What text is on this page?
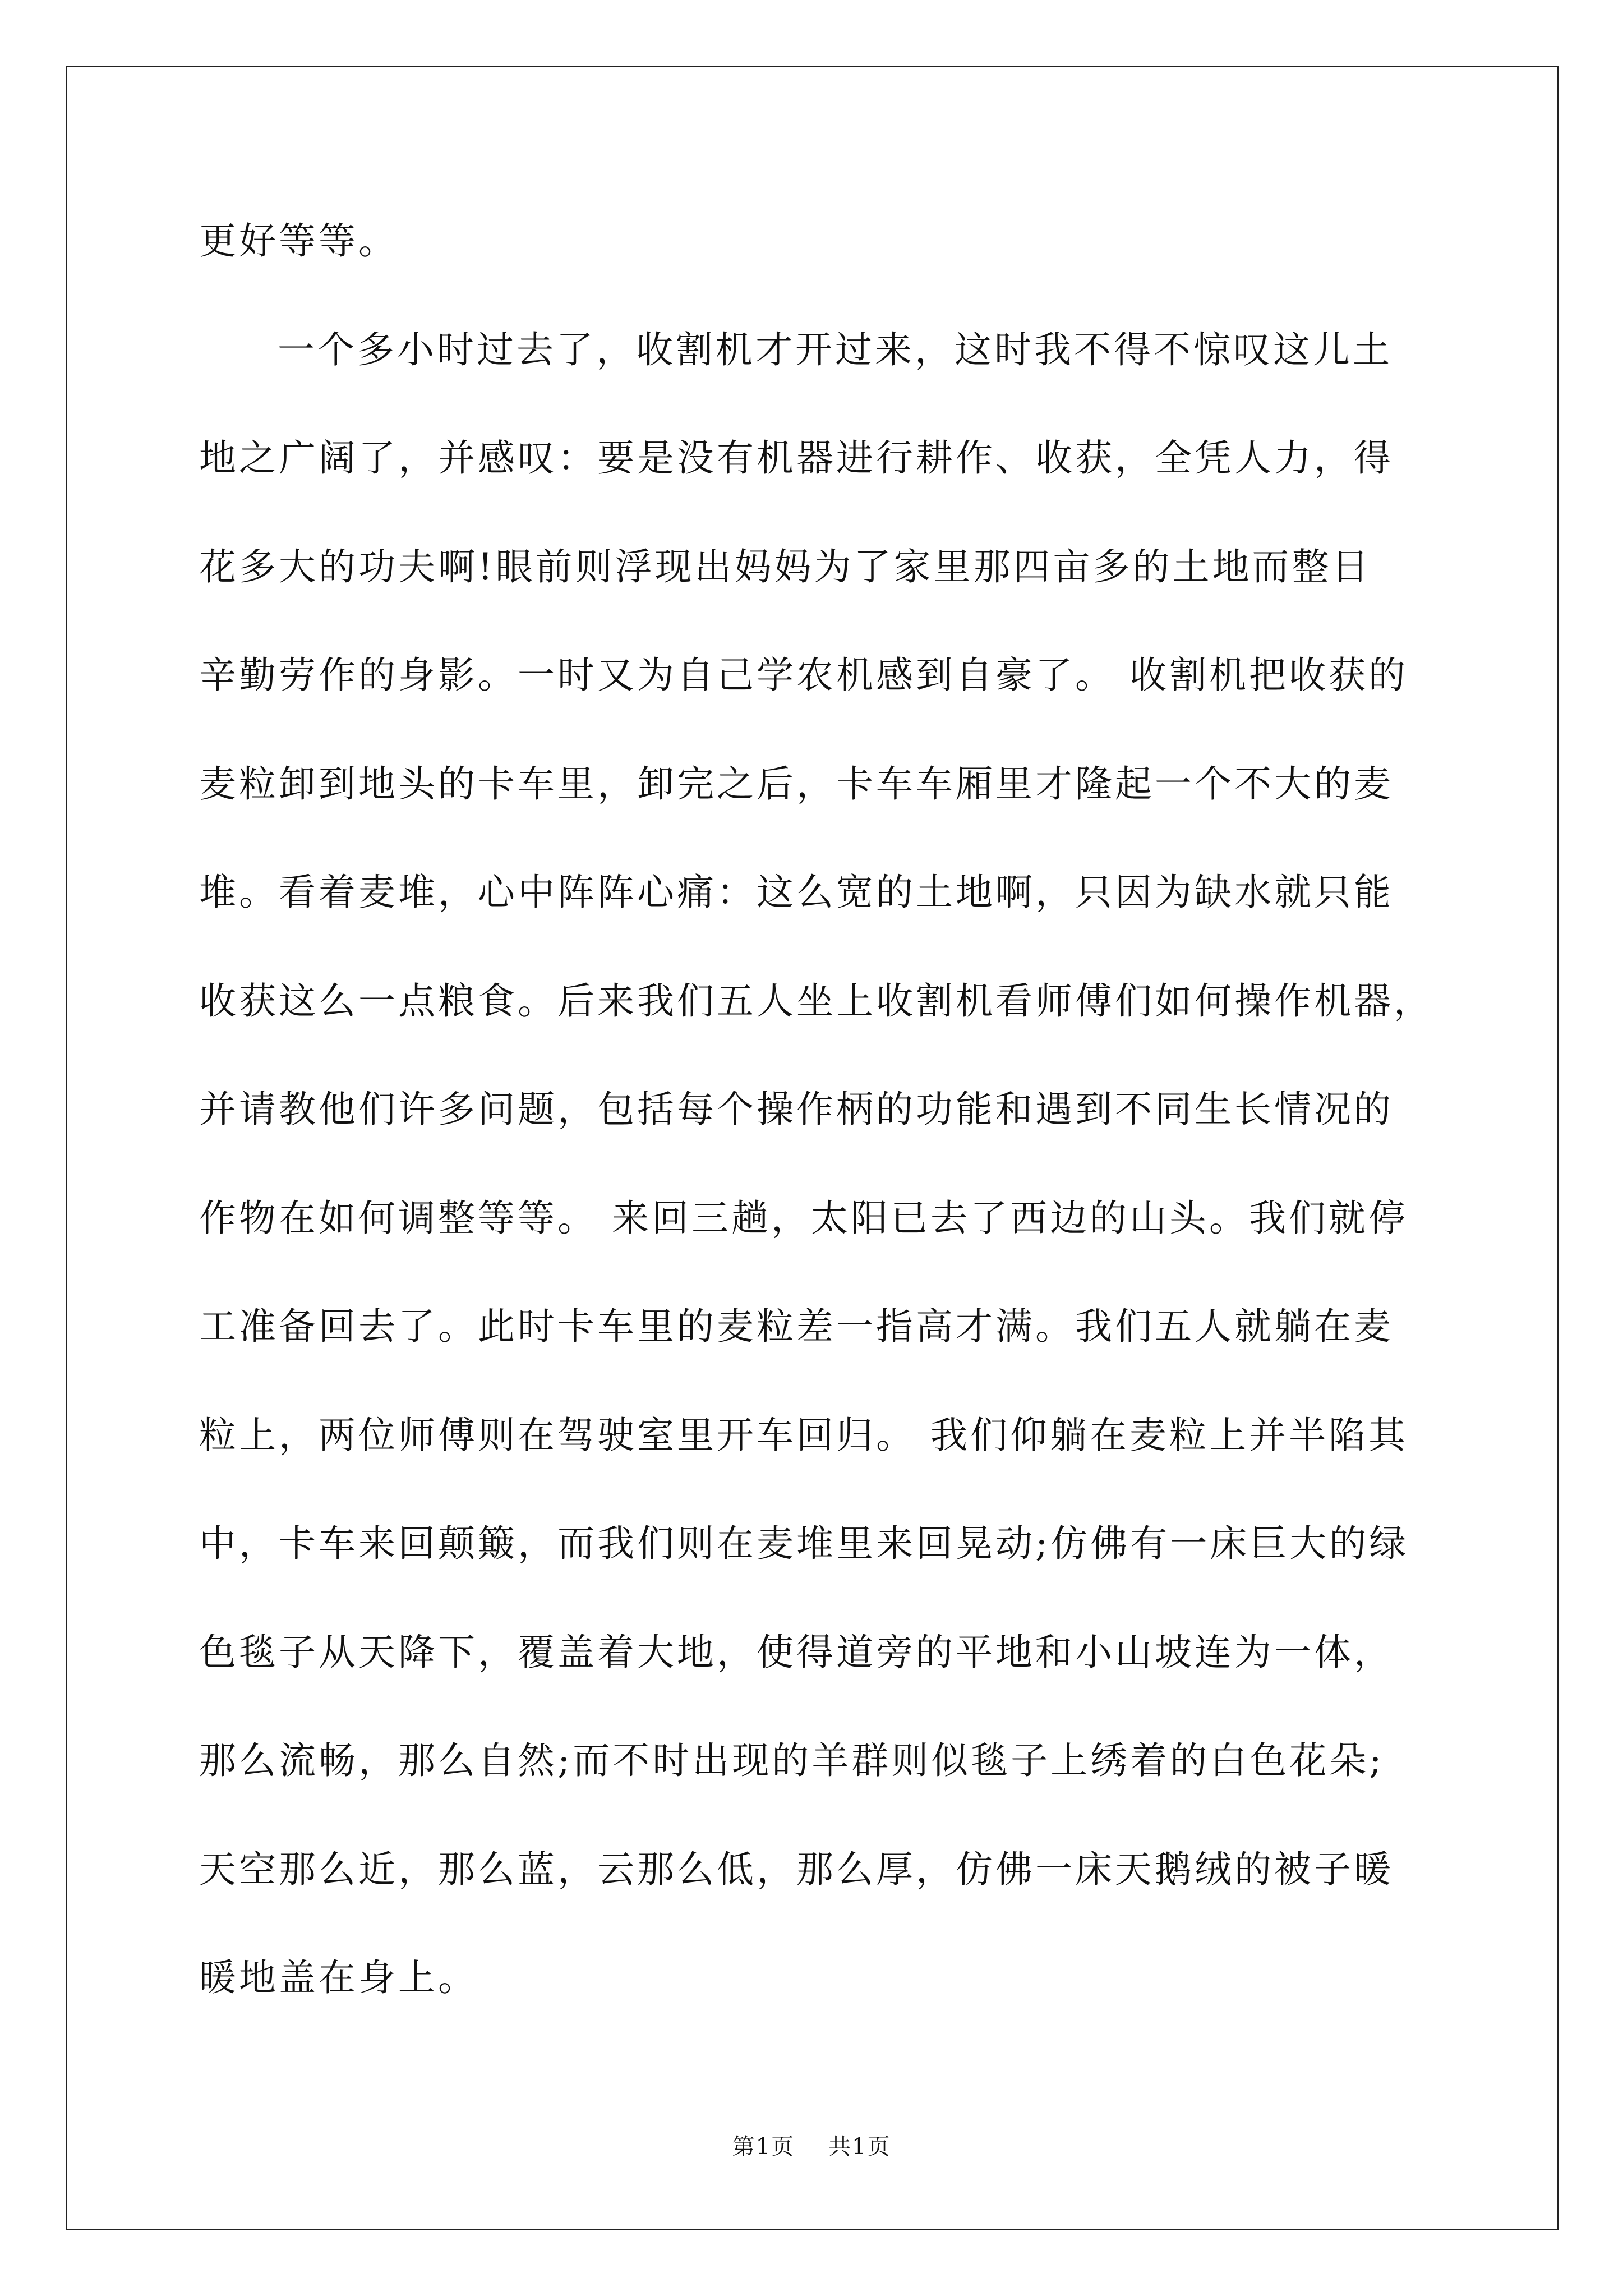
更好等等。
一个多小时过去了，收割机才开过来，这时我不得不惊叹这儿土
地之广阔了，并感叹：要是没有机器进行耕作、收获，全凭人力，得
花多大的功夫啊!眼前则浮现出妈妈为了家里那四亩多的土地而整日
辛勤劳作的身影。一时又为自己学农机感到自豪了。 收割机把收获的
麦粒卸到地头的卡车里，卸完之后，卡车车厢里才隆起一个不大的麦
堆。看着麦堆，心中阵阵心痛：这么宽的土地啊，只因为缺水就只能
收获这么一点粮食。后来我们五人坐上收割机看师傅们如何操作机器，
并请教他们许多问题，包括每个操作柄的功能和遇到不同生长情况的
作物在如何调整等等。 来回三趟，太阳已去了西边的山头。我们就停
工准备回去了。此时卡车里的麦粒差一指高才满。我们五人就躺在麦
粒上，两位师傅则在驾驶室里开车回归。 我们仰躺在麦粒上并半陷其
中，卡车来回颠簸，而我们则在麦堆里来回晃动;仿佛有一床巨大的绿
色毯子从天降下，覆盖着大地，使得道旁的平地和小山坡连为一体，
那么流畅，那么自然;而不时出现的羊群则似毯子上绣着的白色花朵;
天空那么近，那么蓝，云那么低，那么厚，仿佛一床天鹅绒的被子暖
暖地盖在身上。
第1页 共1页
